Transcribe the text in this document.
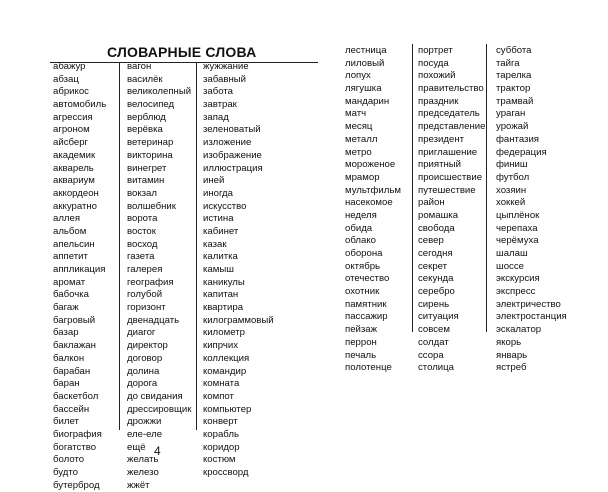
СЛОВАРНЫЕ СЛОВА
абажур
абзац
абрикос
автомобиль
агрессия
агроном
айсберг
академик
акварель
аквариум
аккордеон
аккуратно
аллея
альбом
апельсин
аппетит
аппликация
аромат
бабочка
багаж
багровый
базар
баклажан
балкон
барабан
баран
баскетбол
бассейн
билет
биография
богатство
болото
будто
бутерброд
вагон
василёк
великолепный
велосипед
верблюд
верёвка
ветеринар
викторина
винегрет
витамин
вокзал
волшебник
ворота
восток
восход
газета
галерея
география
голубой
горизонт
двенадцать
диагог
директор
договор
долина
дорога
до свидания
дрессировщик
дрожжи
еле-еле
ещё
желать
железо
жжёт
жужжание
забавный
забота
завтрак
запад
зеленоватый
изложение
изображение
иллюстрация
иней
иногда
искусство
истина
кабинет
казак
калитка
камыш
каникулы
капитан
квартира
килограммовый
километр
кипрчих
коллекция
командир
комната
компот
компьютер
конверт
корабль
коридор
костюм
кроссворд
лестница
лиловый
лопух
лягушка
мандарин
матч
месяц
металл
метро
мороженое
мрамор
мультфильм
насекомое
неделя
обида
облако
оборона
октябрь
отечество
охотник
памятник
пассажир
пейзаж
перрон
печаль
полотенце
портрет
посуда
похожий
правительство
праздник
председатель
представление
президент
приглашение
приятный
происшествие
путешествие
район
ромашка
свобода
север
сегодня
секрет
секунда
серебро
сирень
ситуация
совсем
солдат
ссора
столица
суббота
тайга
тарелка
трактор
трамвай
ураган
урожай
фантазия
федерация
финиш
футбол
хозяин
хоккей
цыплёнок
черепаха
черёмуха
шалаш
шоссе
экскурсия
экспресс
электричество
электростанция
эскалатор
якорь
январь
ястреб
4
